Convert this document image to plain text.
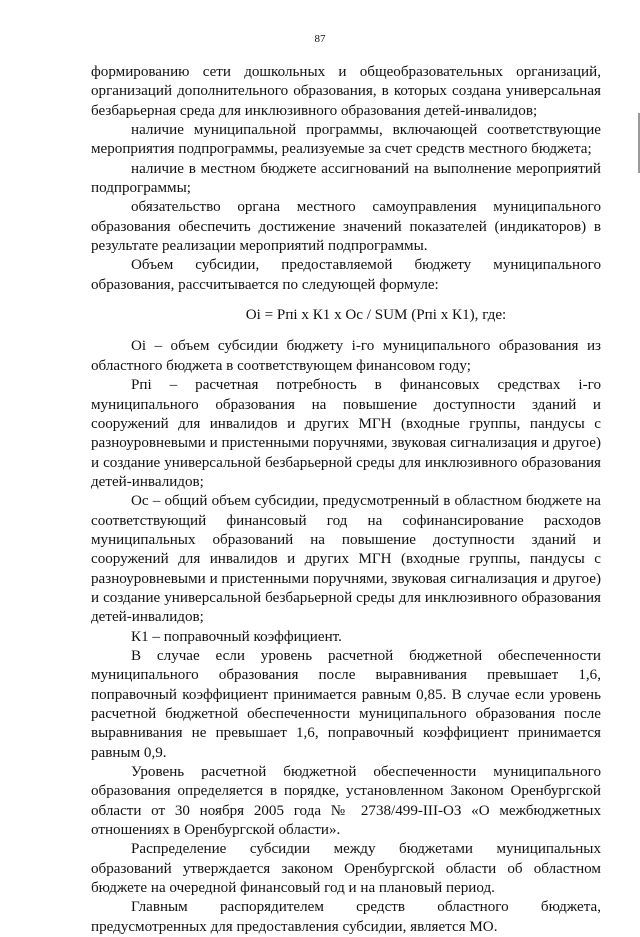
87

формированию сети дошкольных и общеобразовательных организаций, организаций дополнительного образования, в которых создана универсальная безбарьерная среда для инклюзивного образования детей-инвалидов;

наличие муниципальной программы, включающей соответствующие мероприятия подпрограммы, реализуемые за счет средств местного бюджета;

наличие в местном бюджете ассигнований на выполнение мероприятий подпрограммы;

обязательство органа местного самоуправления муниципального образования обеспечить достижение значений показателей (индикаторов) в результате реализации мероприятий подпрограммы.

Объем субсидии, предоставляемой бюджету муниципального образования, рассчитывается по следующей формуле:

Оi = Рпi x К1 x Ос / SUM (Рпi x К1), где:

Оi – объем субсидии бюджету i-го муниципального образования из областного бюджета в соответствующем финансовом году;

Рпi – расчетная потребность в финансовых средствах i-го муниципального образования на повышение доступности зданий и сооружений для инвалидов и других МГН (входные группы, пандусы с разноуровневыми и пристенными поручнями, звуковая сигнализация и другое) и создание универсальной безбарьерной среды для инклюзивного образования детей-инвалидов;

Ос – общий объем субсидии, предусмотренный в областном бюджете на соответствующий финансовый год на софинансирование расходов муниципальных образований на повышение доступности зданий и сооружений для инвалидов и других МГН (входные группы, пандусы с разноуровневыми и пристенными поручнями, звуковая сигнализация и другое) и создание универсальной безбарьерной среды для инклюзивного образования детей-инвалидов;

К1 – поправочный коэффициент.

В случае если уровень расчетной бюджетной обеспеченности муниципального образования после выравнивания превышает 1,6, поправочный коэффициент принимается равным 0,85. В случае если уровень расчетной бюджетной обеспеченности муниципального образования после выравнивания не превышает 1,6, поправочный коэффициент принимается равным 0,9.

Уровень расчетной бюджетной обеспеченности муниципального образования определяется в порядке, установленном Законом Оренбургской области от 30 ноября 2005 года № 2738/499-III-ОЗ «О межбюджетных отношениях в Оренбургской области».

Распределение субсидии между бюджетами муниципальных образований утверждается законом Оренбургской области об областном бюджете на очередной финансовый год и на плановый период.

Главным распорядителем средств областного бюджета, предусмотренных для предоставления субсидии, является МО.
